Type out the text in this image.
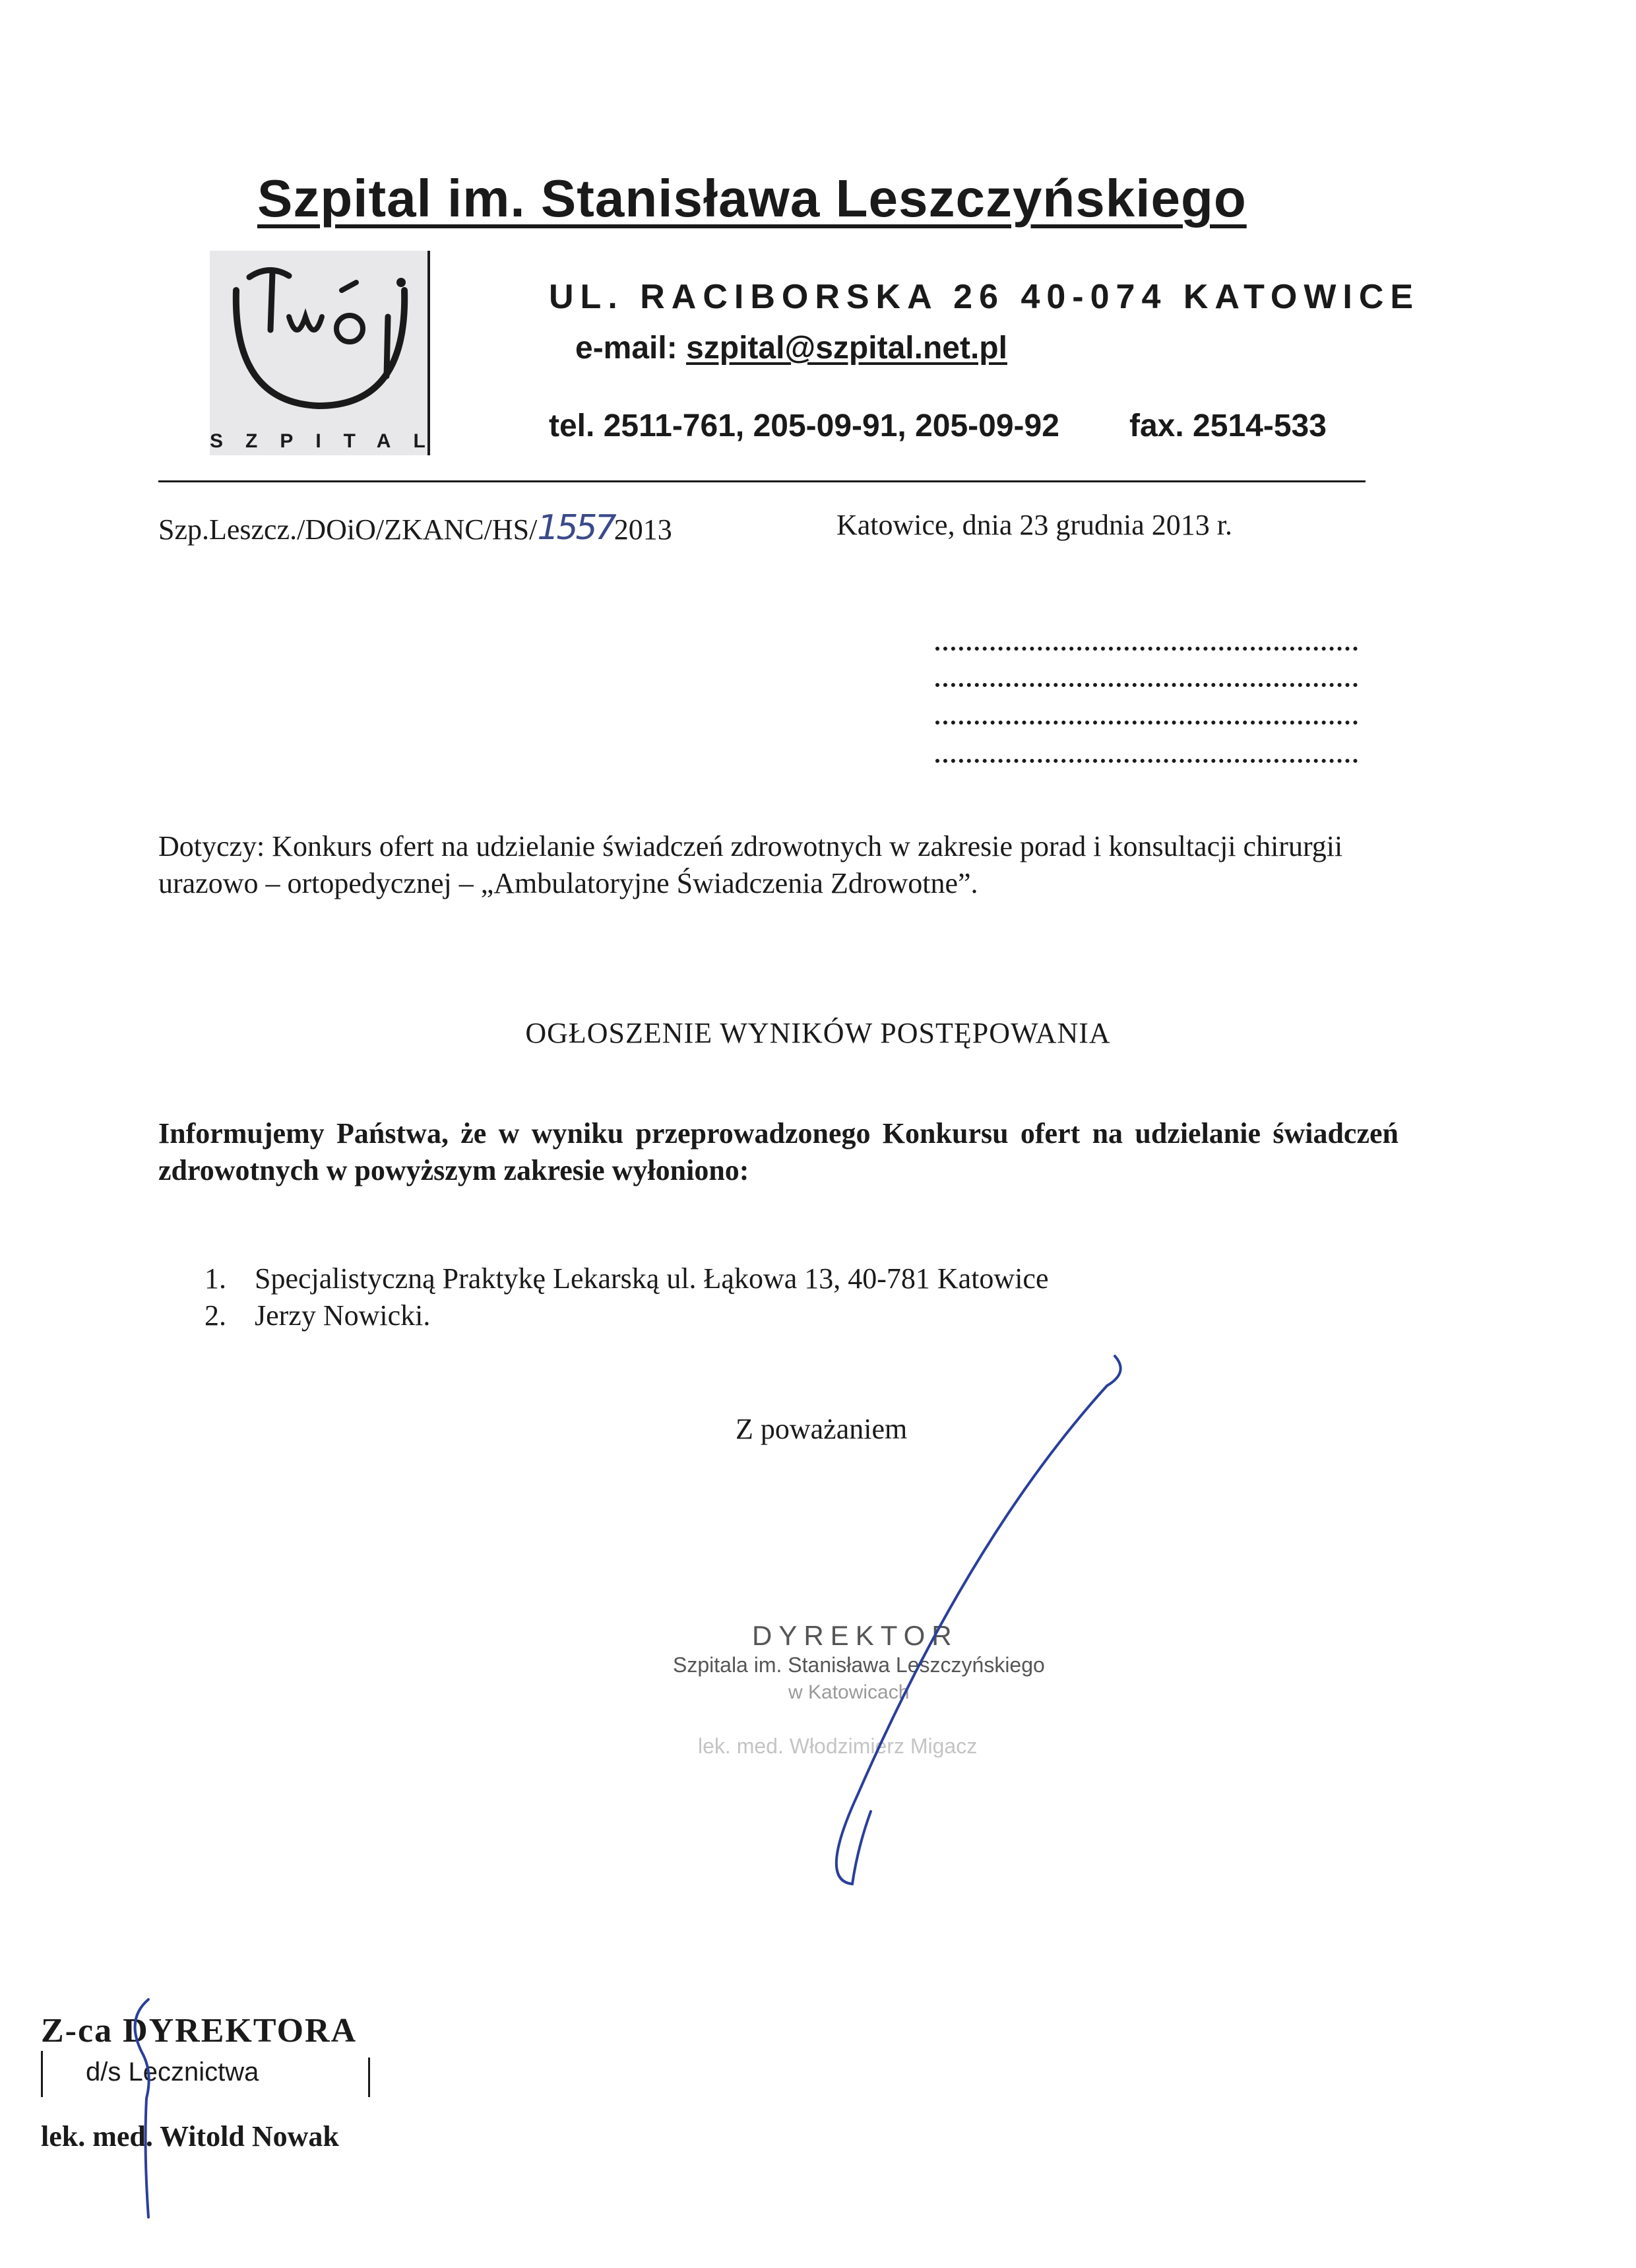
Szpital im. Stanisława Leszczyńskiego
SZPITAL
UL. RACIBORSKA 26 40-074 KATOWICE
e-mail: szpital@szpital.net.pl
tel. 2511-761, 205-09-91, 205-09-92 fax. 2514-533
Szp.Leszcz./DOiO/ZKANC/HS/15572013	Katowice, dnia 23 grudnia 2013 r.
Dotyczy: Konkurs ofert na udzielanie świadczeń zdrowotnych w zakresie porad i konsultacji chirurgii urazowo – ortopedycznej – „Ambulatoryjne Świadczenia Zdrowotne”.
OGŁOSZENIE WYNIKÓW POSTĘPOWANIA
Informujemy Państwa, że w wyniku przeprowadzonego Konkursu ofert na udzielanie świadczeń zdrowotnych w powyższym zakresie wyłoniono:
1. Specjalistyczną Praktykę Lekarską ul. Łąkowa 13, 40-781 Katowice
2. Jerzy Nowicki.
Z poważaniem
DYREKTOR
Szpitala im. Stanisława Leszczyńskiego
w Katowicach
lek. med. Włodzimierz Migacz
Z-ca DYREKTORA
d/s Lecznictwa
lek. med. Witold Nowak
